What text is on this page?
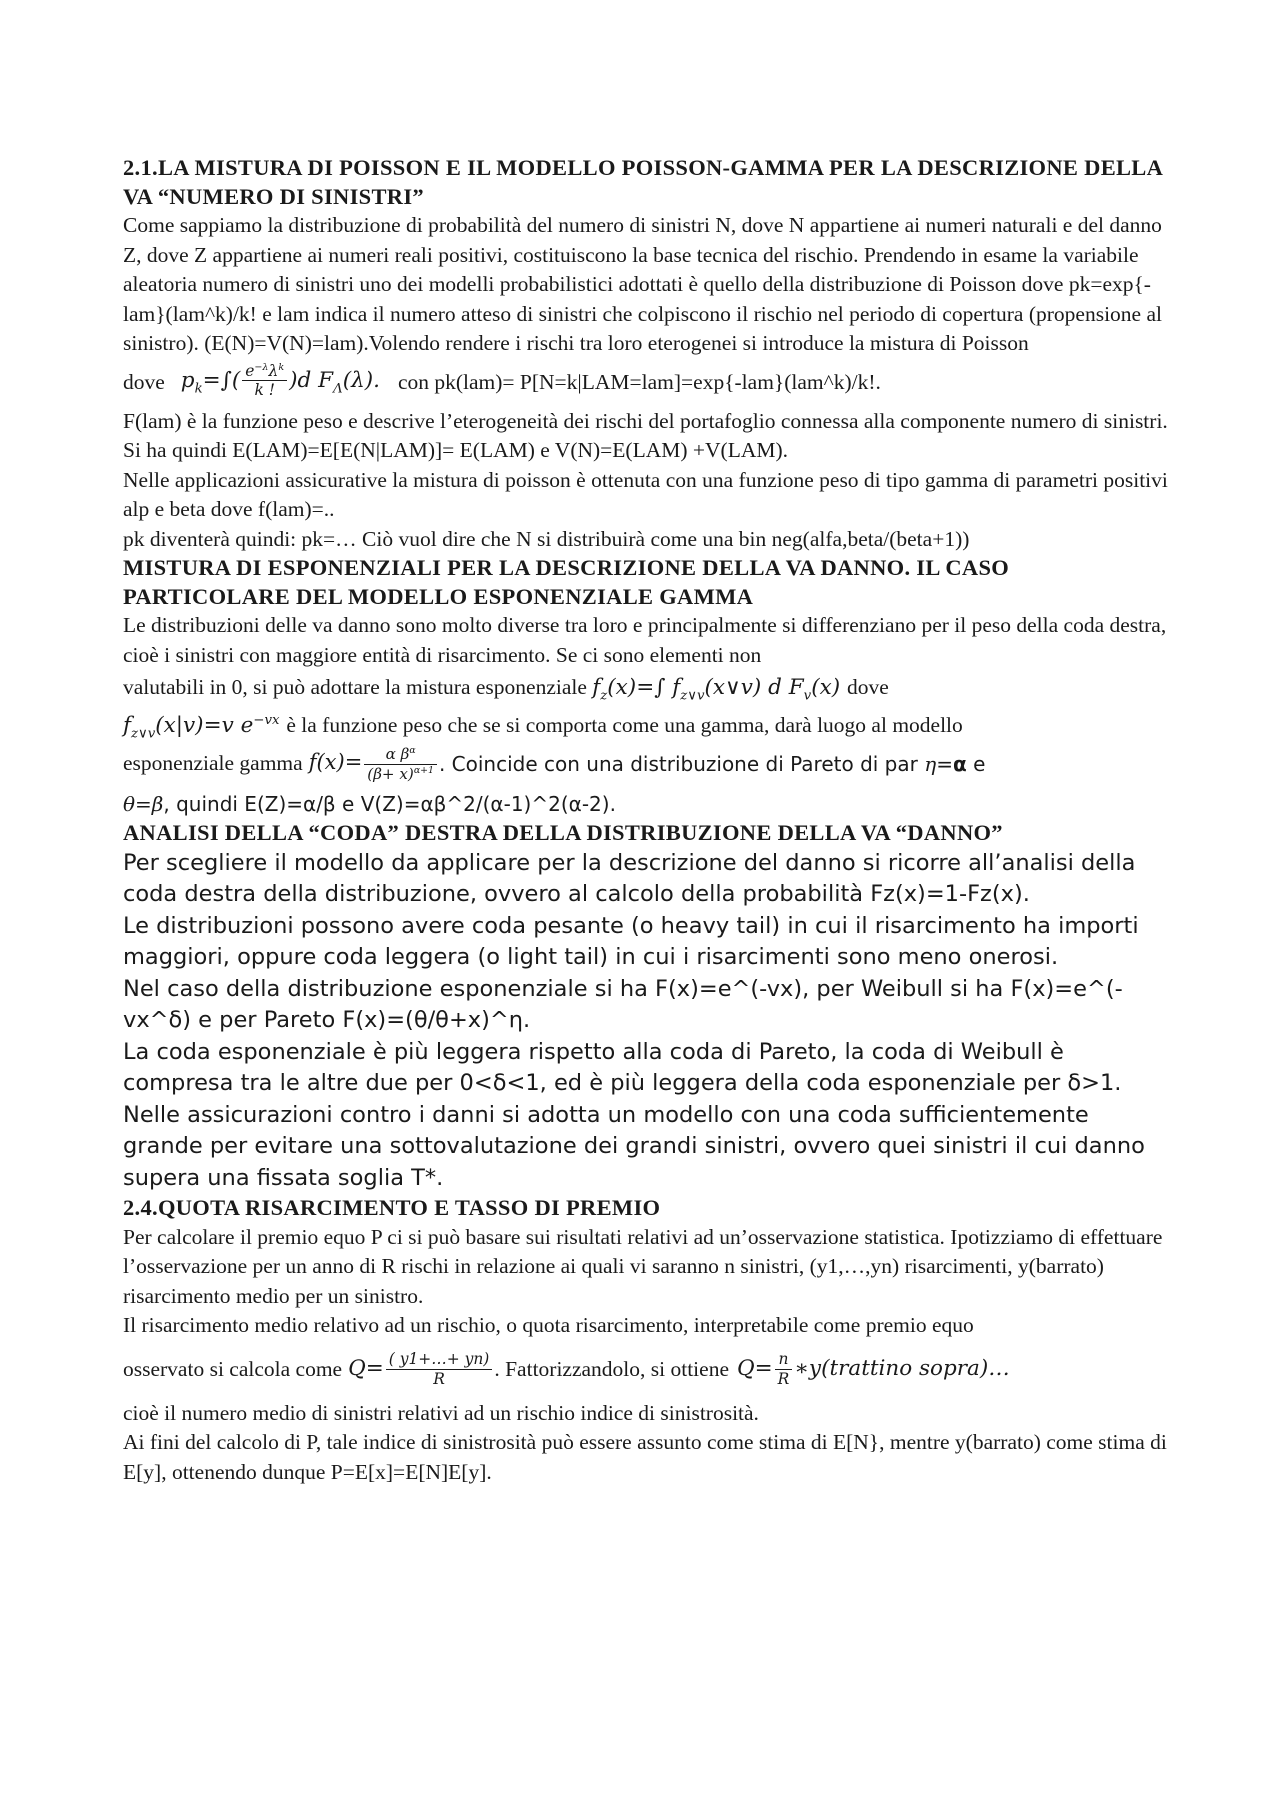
2.1.LA MISTURA DI POISSON E IL MODELLO POISSON-GAMMA PER LA DESCRIZIONE DELLA VA “NUMERO DI SINISTRI”

Come sappiamo la distribuzione di probabilità del numero di sinistri N, dove N appartiene ai numeri naturali e del danno Z, dove Z appartiene ai numeri reali positivi, costituiscono la base tecnica del rischio. Prendendo in esame la variabile aleatoria numero di sinistri uno dei modelli probabilistici adottati è quello della distribuzione di Poisson dove pk=exp{-lam}(lam^k)/k! e lam indica il numero atteso di sinistri che colpiscono il rischio nel periodo di copertura (propensione al sinistro). (E(N)=V(N)=lam).Volendo rendere i rischi tra loro eterogenei si introduce la mistura di Poisson

dove $p_k=\int( \frac{e^{-\lambda}\lambda^k}{k !} )d$ $F_\Lambda(\lambda)$. con pk(lam)= P[N=k|LAM=lam]=exp{-lam}(lam^k)/k!.

F(lam) è la funzione peso e descrive l’eterogeneità dei rischi del portafoglio connessa alla componente numero di sinistri. Si ha quindi E(LAM)=E[E(N|LAM)]= E(LAM) e V(N)=E(LAM) +V(LAM).

Nelle applicazioni assicurative la mistura di poisson è ottenuta con una funzione peso di tipo gamma di parametri positivi alp e beta dove f(lam)=..

pk diventerà quindi: pk=… Ciò vuol dire che N si distribuirà come una bin neg(alfa,beta/(beta+1))

MISTURA DI ESPONENZIALI PER LA DESCRIZIONE DELLA VA DANNO. IL CASO PARTICOLARE DEL MODELLO ESPONENZIALE GAMMA

Le distribuzioni delle va danno sono molto diverse tra loro e principalmente si differenziano per il peso della coda destra, cioè i sinistri con maggiore entità di risarcimento. Se ci sono elementi non

valutabili in 0, si può adottare la mistura esponenziale $f_z(x)=\int$ $f_{z\vee v}(x\vee v)$ d $F_v(x)$ dove
$f_{z\vee v}(x|v)=v$ $e^{-vx}$ è la funzione peso che se si comporta come una gamma, darà luogo al modello
esponenziale gamma $f(x)= \frac{\alpha \beta^\alpha}{(\beta+ x)^{\alpha+1}}$ . Coincide con una distribuzione di Pareto di par η=α e
θ=β, quindi E(Z)=α/β e V(Z)=αβ^2/(α-1)^2(α-2).
ANALISI DELLA “CODA” DESTRA DELLA DISTRIBUZIONE DELLA VA “DANNO”

Per scegliere il modello da applicare per la descrizione del danno si ricorre all’analisi della coda destra della distribuzione, ovvero al calcolo della probabilità Fz(x)=1-Fz(x).

Le distribuzioni possono avere coda pesante (o heavy tail) in cui il risarcimento ha importi maggiori, oppure coda leggera (o light tail) in cui i risarcimenti sono meno onerosi.

Nel caso della distribuzione esponenziale si ha F(x)=e^(-vx), per Weibull si ha F(x)=e^(-vx^δ) e per Pareto F(x)=(θ/θ+x)^η.

La coda esponenziale è più leggera rispetto alla coda di Pareto, la coda di Weibull è compresa tra le altre due per 0<δ<1, ed è più leggera della coda esponenziale per δ>1.

Nelle assicurazioni contro i danni si adotta un modello con una coda sufficientemente grande per evitare una sottovalutazione dei grandi sinistri, ovvero quei sinistri il cui danno supera una fissata soglia T*.

2.4.QUOTA RISARCIMENTO E TASSO DI PREMIO

Per calcolare il premio equo P ci si può basare sui risultati relativi ad un’osservazione statistica. Ipotizziamo di effettuare l’osservazione per un anno di R rischi in relazione ai quali vi saranno n sinistri, (y1,…,yn) risarcimenti, y(barrato) risarcimento medio per un sinistro.

Il risarcimento medio relativo ad un rischio, o quota risarcimento, interpretabile come premio equo

osservato si calcola come $Q= \frac{( y1+\dots+ yn)}{R}$ . Fattorizzandolo, si ottiene $Q= \frac{n}{R}$ ∗y(trattino sopra)…

cioè il numero medio di sinistri relativi ad un rischio indice di sinistrosità.

Ai fini del calcolo di P, tale indice di sinistrosità può essere assunto come stima di E[N}, mentre y(barrato) come stima di E[y], ottenendo dunque P=E[x]=E[N]E[y].
